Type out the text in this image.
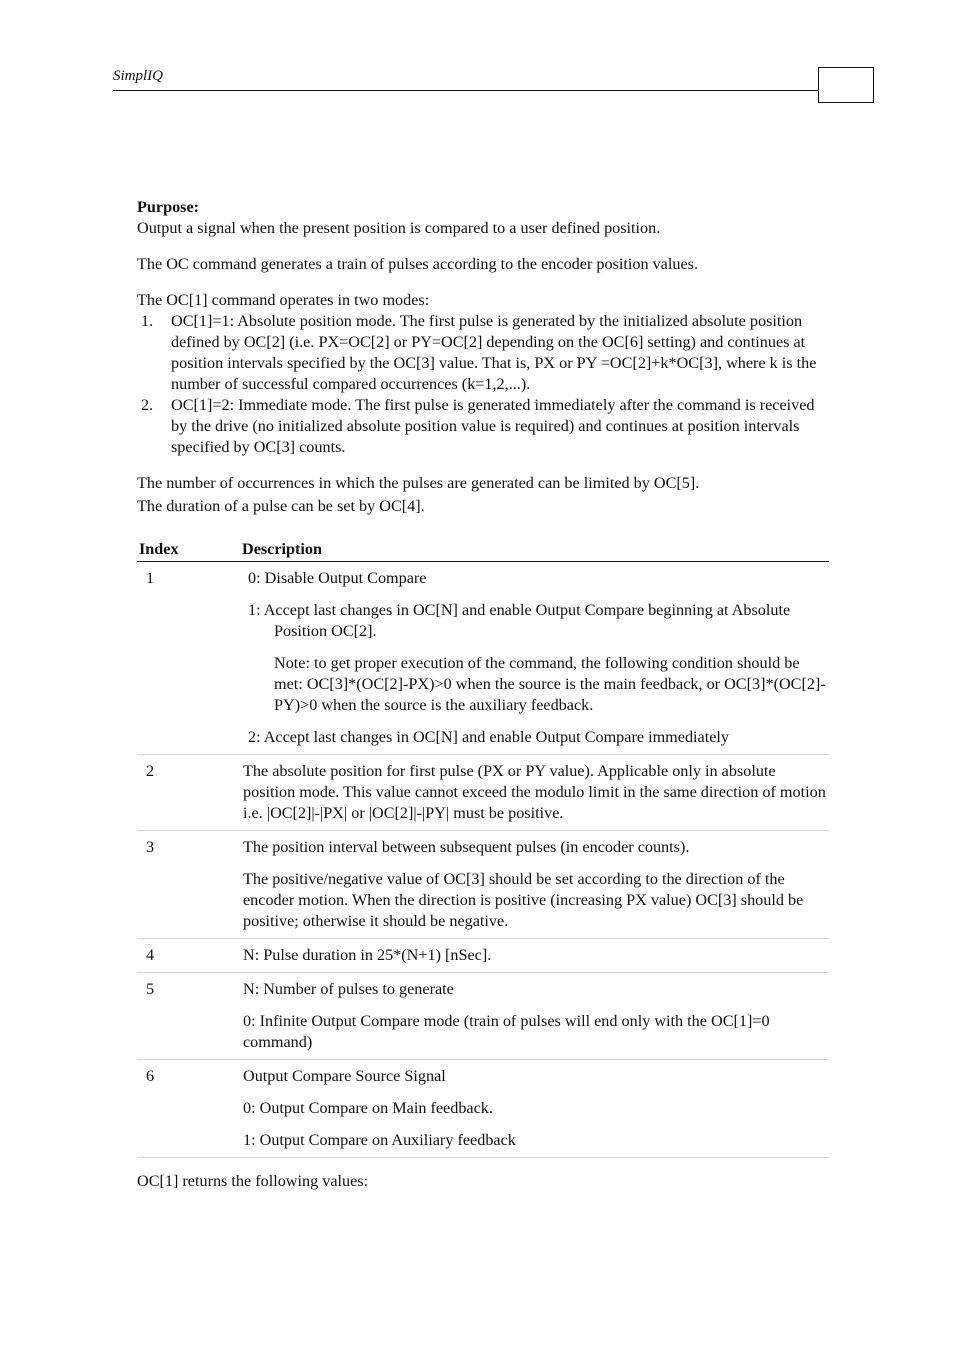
SimplIQ

Purpose:

Output a signal when the present position is compared to a user defined position.

The OC command generates a train of pulses according to the encoder position values.

The OC[1] command operates in two modes:

1. OC[1]=1: Absolute position mode. The first pulse is generated by the initialized absolute position defined by OC[2] (i.e. PX=OC[2] or PY=OC[2] depending on the OC[6] setting) and continues at position intervals specified by the OC[3] value. That is, PX or PY =OC[2]+k*OC[3], where k is the number of successful compared occurrences (k=1,2,...).
2. OC[1]=2: Immediate mode. The first pulse is generated immediately after the command is received by the drive (no initialized absolute position value is required) and continues at position intervals specified by OC[3] counts.

The number of occurrences in which the pulses are generated can be limited by OC[5].

The duration of a pulse can be set by OC[4].

Index	Description
1	0: Disable Output Compare

1: Accept last changes in OC[N] and enable Output Compare beginning at Absolute Position OC[2].

Note: to get proper execution of the command, the following condition should be met: OC[3]*(OC[2]-PX)>0 when the source is the main feedback, or OC[3]*(OC[2]-PY)>0 when the source is the auxiliary feedback.

2: Accept last changes in OC[N] and enable Output Compare immediately

2	The absolute position for first pulse (PX or PY value). Applicable only in absolute position mode. This value cannot exceed the modulo limit in the same direction of motion i.e. |OC[2]|-|PX| or |OC[2]|-|PY| must be positive.

3	The position interval between subsequent pulses (in encoder counts).

The positive/negative value of OC[3] should be set according to the direction of the encoder motion. When the direction is positive (increasing PX value) OC[3] should be positive; otherwise it should be negative.

4	N: Pulse duration in 25*(N+1) [nSec].

5	N: Number of pulses to generate

0: Infinite Output Compare mode (train of pulses will end only with the OC[1]=0 command)

6	Output Compare Source Signal

0: Output Compare on Main feedback.

1: Output Compare on Auxiliary feedback

OC[1] returns the following values:
